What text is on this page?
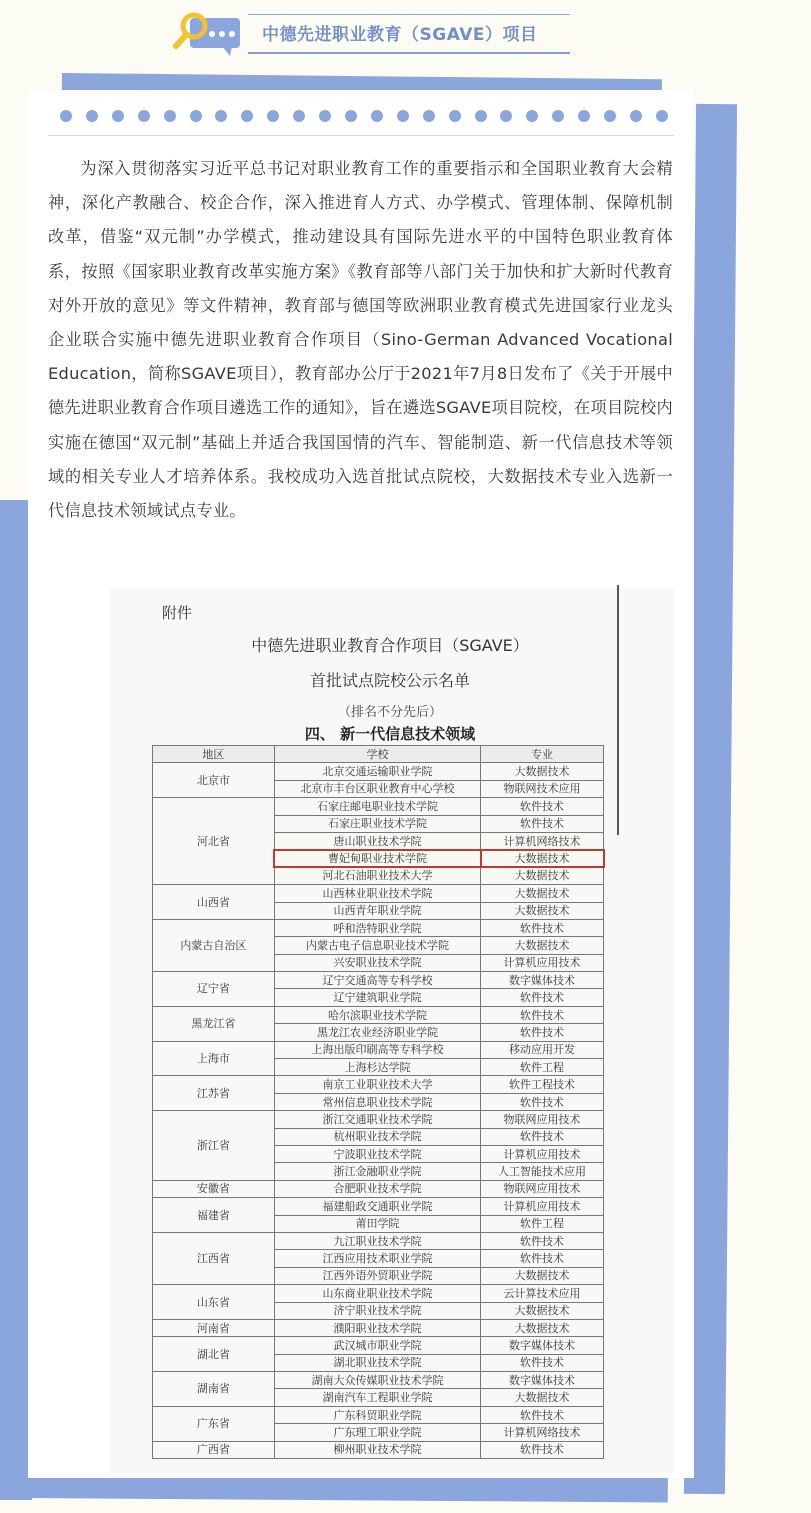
中德先进职业教育（SGAVE）项目
为深入贯彻落实习近平总书记对职业教育工作的重要指示和全国职业教育大会精神，深化产教融合、校企合作，深入推进育人方式、办学模式、管理体制、保障机制改革，借鉴“双元制”办学模式，推动建设具有国际先进水平的中国特色职业教育体系，按照《国家职业教育改革实施方案》《教育部等八部门关于加快和扩大新时代教育对外开放的意见》等文件精神，教育部与德国等欧洲职业教育模式先进国家行业龙头企业联合实施中德先进职业教育合作项目（Sino-German Advanced Vocational Education，简称SGAVE项目），教育部办公厅于2021年7月8日发布了《关于开展中德先进职业教育合作项目遴选工作的通知》，旨在遴选SGAVE项目院校，在项目院校内实施在德国“双元制”基础上并适合我国国情的汽车、智能制造、新一代信息技术等领域的相关专业人才培养体系。我校成功入选首批试点院校，大数据技术专业入选新一代信息技术领域试点专业。
附件
中德先进职业教育合作项目（SGAVE）
首批试点院校公示名单
（排名不分先后）
四、 新一代信息技术领域
地区	学校	专业
北京市	北京交通运输职业学院	大数据技术
	北京市丰台区职业教育中心学校	物联网技术应用
河北省	石家庄邮电职业技术学院	软件技术
	石家庄职业技术学院	软件技术
	唐山职业技术学院	计算机网络技术
	曹妃甸职业技术学院	大数据技术
	河北石油职业技术大学	大数据技术
山西省	山西林业职业技术学院	大数据技术
	山西青年职业学院	大数据技术
内蒙古自治区	呼和浩特职业学院	软件技术
	内蒙古电子信息职业技术学院	大数据技术
	兴安职业技术学院	计算机应用技术
辽宁省	辽宁交通高等专科学校	数字媒体技术
	辽宁建筑职业学院	软件技术
黑龙江省	哈尔滨职业技术学院	软件技术
	黑龙江农业经济职业学院	软件技术
上海市	上海出版印刷高等专科学校	移动应用开发
	上海杉达学院	软件工程
江苏省	南京工业职业技术大学	软件工程技术
	常州信息职业技术学院	软件技术
浙江省	浙江交通职业技术学院	物联网应用技术
	杭州职业技术学院	软件技术
	宁波职业技术学院	计算机应用技术
	浙江金融职业学院	人工智能技术应用
安徽省	合肥职业技术学院	物联网应用技术
福建省	福建船政交通职业学院	计算机应用技术
	莆田学院	软件工程
江西省	九江职业技术学院	软件技术
	江西应用技术职业学院	软件技术
	江西外语外贸职业学院	大数据技术
山东省	山东商业职业技术学院	云计算技术应用
	济宁职业技术学院	大数据技术
河南省	濮阳职业技术学院	大数据技术
湖北省	武汉城市职业学院	数字媒体技术
	湖北职业技术学院	软件技术
湖南省	湖南大众传媒职业技术学院	数字媒体技术
	湖南汽车工程职业学院	大数据技术
广东省	广东科贸职业学院	软件技术
	广东理工职业学院	计算机网络技术
广西省	柳州职业技术学院	软件技术
